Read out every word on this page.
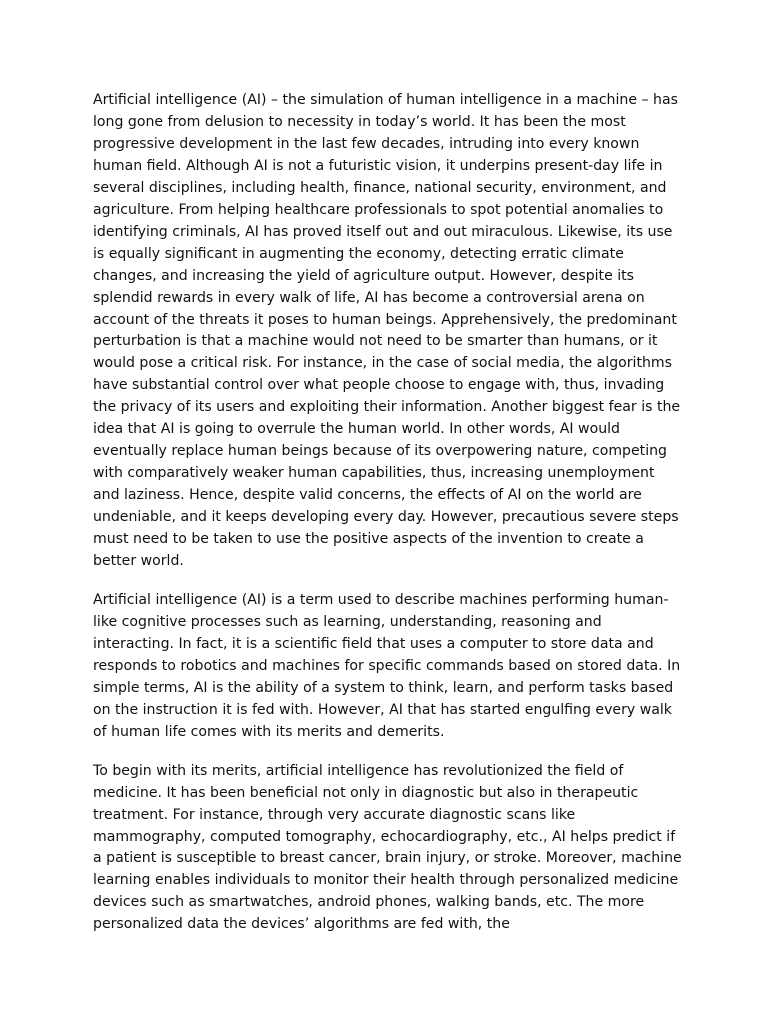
Artificial intelligence (AI) – the simulation of human intelligence in a machine – has long gone from delusion to necessity in today’s world. It has been the most progressive development in the last few decades, intruding into every known human field. Although AI is not a futuristic vision, it underpins present-day life in several disciplines, including health, finance, national security, environment, and agriculture. From helping healthcare professionals to spot potential anomalies to identifying criminals, AI has proved itself out and out miraculous. Likewise, its use is equally significant in augmenting the economy, detecting erratic climate changes, and increasing the yield of agriculture output. However, despite its splendid rewards in every walk of life, AI has become a controversial arena on account of the threats it poses to human beings. Apprehensively, the predominant perturbation is that a machine would not need to be smarter than humans, or it would pose a critical risk. For instance, in the case of social media, the algorithms have substantial control over what people choose to engage with, thus, invading the privacy of its users and exploiting their information. Another biggest fear is the idea that AI is going to overrule the human world. In other words, AI would eventually replace human beings because of its overpowering nature, competing with comparatively weaker human capabilities, thus, increasing unemployment and laziness. Hence, despite valid concerns, the effects of AI on the world are undeniable, and it keeps developing every day. However, precautious severe steps must need to be taken to use the positive aspects of the invention to create a better world.

Artificial intelligence (AI) is a term used to describe machines performing human-like cognitive processes such as learning, understanding, reasoning and interacting. In fact, it is a scientific field that uses a computer to store data and responds to robotics and machines for specific commands based on stored data. In simple terms, AI is the ability of a system to think, learn, and perform tasks based on the instruction it is fed with. However, AI that has started engulfing every walk of human life comes with its merits and demerits.

To begin with its merits, artificial intelligence has revolutionized the field of medicine. It has been beneficial not only in diagnostic but also in therapeutic treatment. For instance, through very accurate diagnostic scans like mammography, computed tomography, echocardiography, etc., AI helps predict if a patient is susceptible to breast cancer, brain injury, or stroke. Moreover, machine learning enables individuals to monitor their health through personalized medicine devices such as smartwatches, android phones, walking bands, etc. The more personalized data the devices’ algorithms are fed with, the
